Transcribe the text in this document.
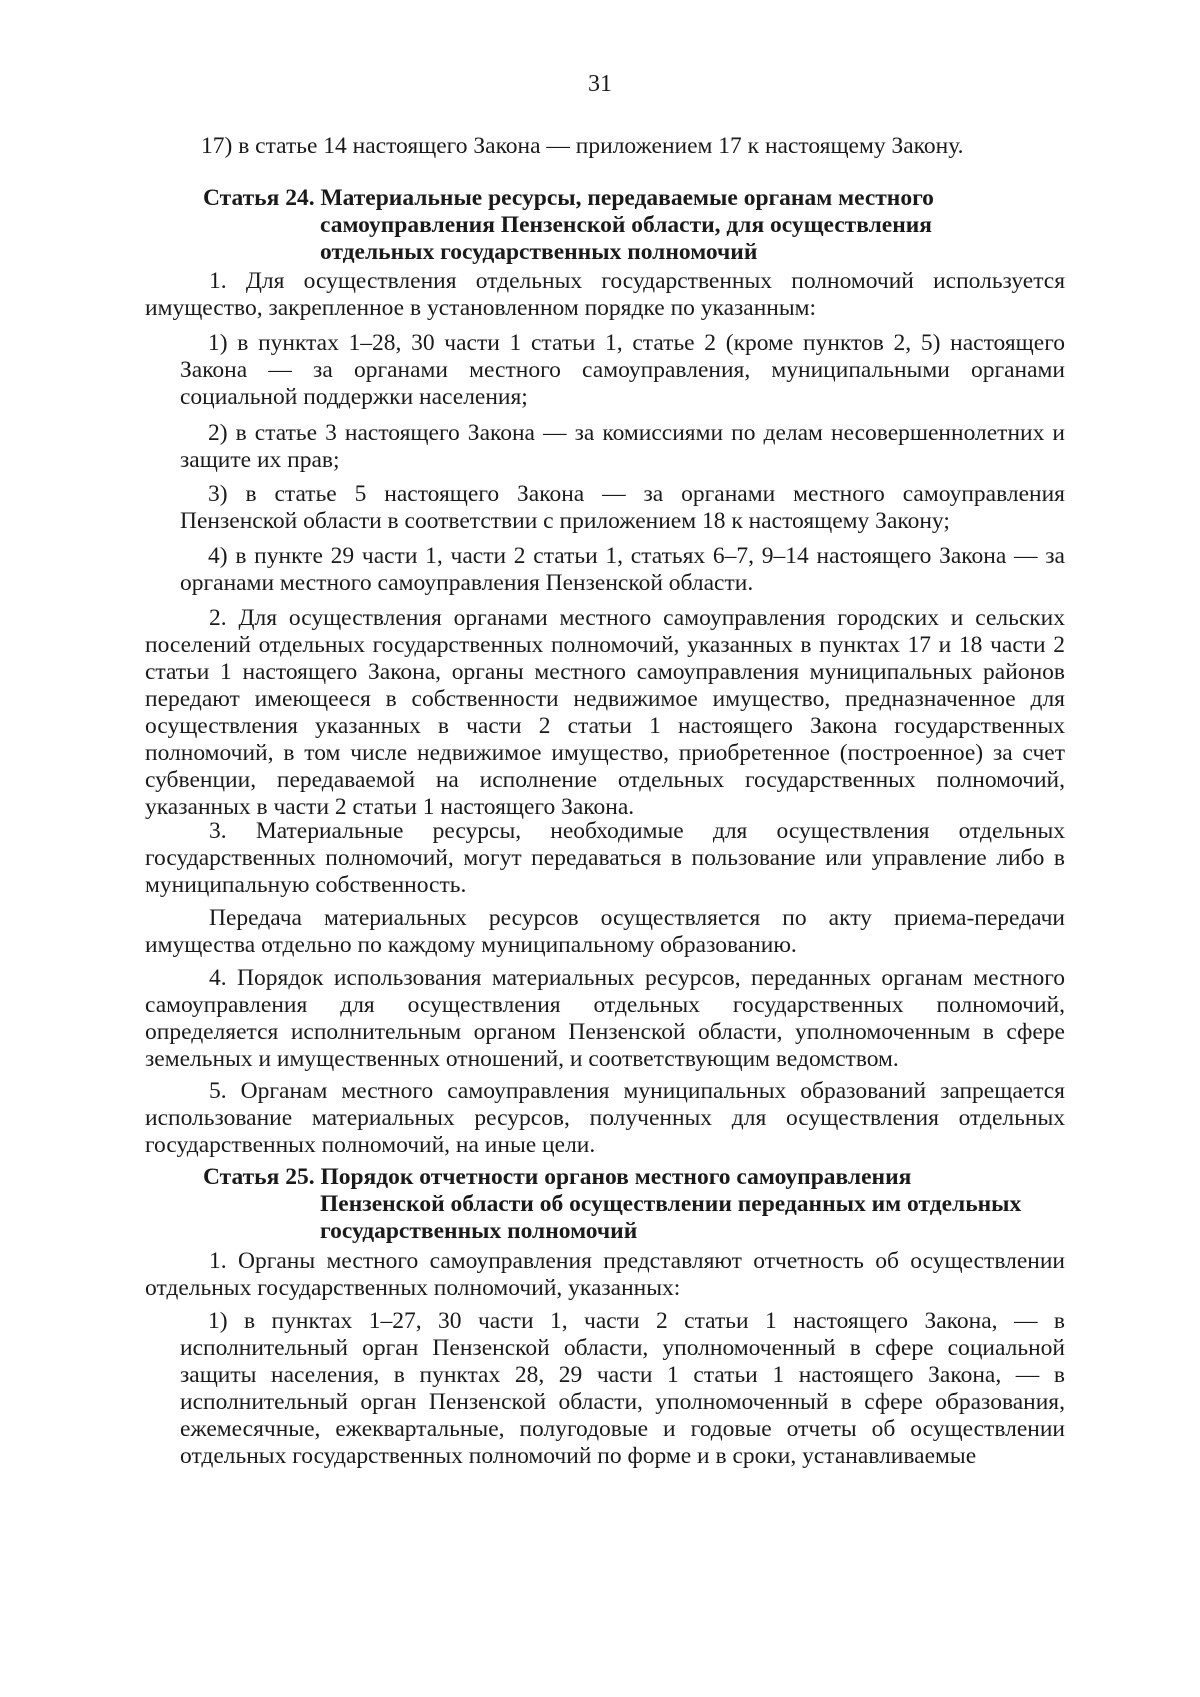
31

17) в статье 14 настоящего Закона — приложением 17 к настоящему Закону.

Статья 24. Материальные ресурсы, передаваемые органам местного
самоуправления Пензенской области, для осуществления
отдельных государственных полномочий

1. Для осуществления отдельных государственных полномочий используется имущество, закрепленное в установленном порядке по указанным:

1) в пунктах 1–28, 30 части 1 статьи 1, статье 2 (кроме пунктов 2, 5) настоящего Закона — за органами местного самоуправления, муниципальными органами социальной поддержки населения;

2) в статье 3 настоящего Закона — за комиссиями по делам несовершеннолетних и защите их прав;

3) в статье 5 настоящего Закона — за органами местного самоуправления Пензенской области в соответствии с приложением 18 к настоящему Закону;

4) в пункте 29 части 1, части 2 статьи 1, статьях 6–7, 9–14 настоящего Закона — за органами местного самоуправления Пензенской области.

2. Для осуществления органами местного самоуправления городских и сельских поселений отдельных государственных полномочий, указанных в пунктах 17 и 18 части 2 статьи 1 настоящего Закона, органы местного самоуправления муниципальных районов передают имеющееся в собственности недвижимое имущество, предназначенное для осуществления указанных в части 2 статьи 1 настоящего Закона государственных полномочий, в том числе недвижимое имущество, приобретенное (построенное) за счет субвенции, передаваемой на исполнение отдельных государственных полномочий, указанных в части 2 статьи 1 настоящего Закона.

3. Материальные ресурсы, необходимые для осуществления отдельных государственных полномочий, могут передаваться в пользование или управление либо в муниципальную собственность.

Передача материальных ресурсов осуществляется по акту приема-передачи имущества отдельно по каждому муниципальному образованию.

4. Порядок использования материальных ресурсов, переданных органам местного самоуправления для осуществления отдельных государственных полномочий, определяется исполнительным органом Пензенской области, уполномоченным в сфере земельных и имущественных отношений, и соответствующим ведомством.

5. Органам местного самоуправления муниципальных образований запрещается использование материальных ресурсов, полученных для осуществления отдельных государственных полномочий, на иные цели.

Статья 25. Порядок отчетности органов местного самоуправления
Пензенской области об осуществлении переданных им отдельных
государственных полномочий

1. Органы местного самоуправления представляют отчетность об осуществлении отдельных государственных полномочий, указанных:

1) в пунктах 1–27, 30 части 1, части 2 статьи 1 настоящего Закона, — в исполнительный орган Пензенской области, уполномоченный в сфере социальной защиты населения, в пунктах 28, 29 части 1 статьи 1 настоящего Закона, — в исполнительный орган Пензенской области, уполномоченный в сфере образования, ежемесячные, ежеквартальные, полугодовые и годовые отчеты об осуществлении отдельных государственных полномочий по форме и в сроки, устанавливаемые
